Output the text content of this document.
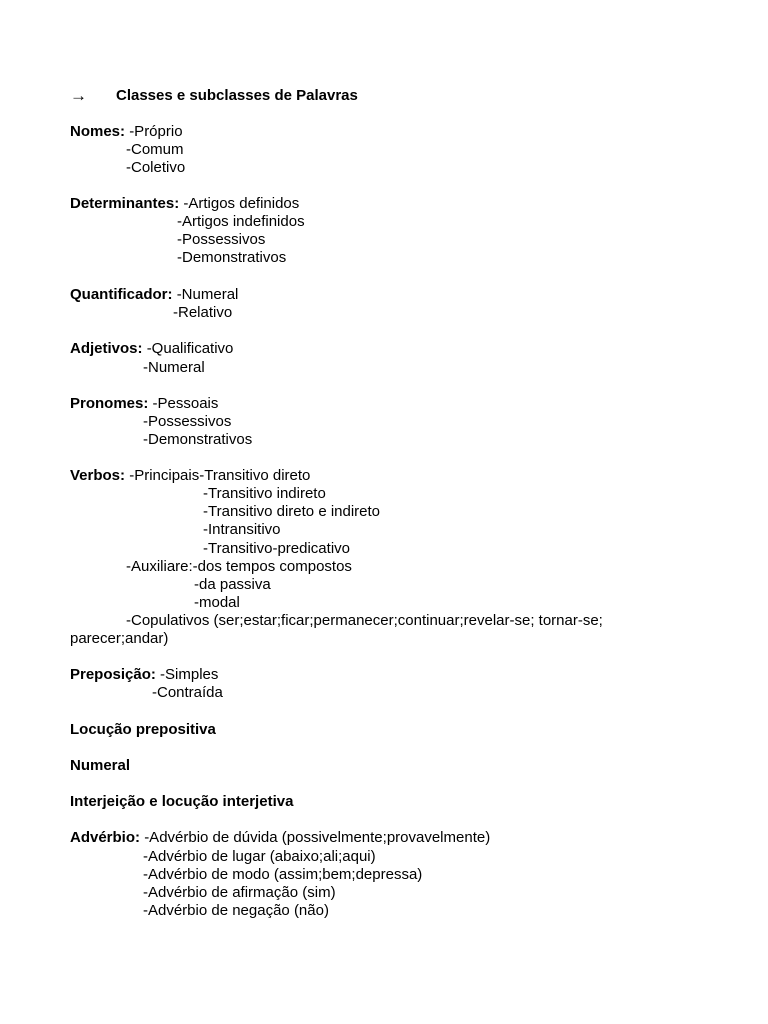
→ Classes e subclasses de Palavras
Nomes: -Próprio
-Comum
-Coletivo
Determinantes: -Artigos definidos
-Artigos indefinidos
-Possessivos
-Demonstrativos
Quantificador: -Numeral
-Relativo
Adjetivos: -Qualificativo
-Numeral
Pronomes: -Pessoais
-Possessivos
-Demonstrativos
Verbos: -Principais-Transitivo direto
-Transitivo indireto
-Transitivo direto e indireto
-Intransitivo
-Transitivo-predicativo
-Auxiliare:-dos tempos compostos
-da passiva
-modal
-Copulativos (ser;estar;ficar;permanecer;continuar;revelar-se; tornar-se;
parecer;andar)
Preposição: -Simples
-Contraída
Locução prepositiva
Numeral
Interjeição e locução interjetiva
Advérbio: -Advérbio de dúvida (possivelmente;provavelmente)
-Advérbio de lugar (abaixo;ali;aqui)
-Advérbio de modo (assim;bem;depressa)
-Advérbio de afirmação (sim)
-Advérbio de negação (não)
